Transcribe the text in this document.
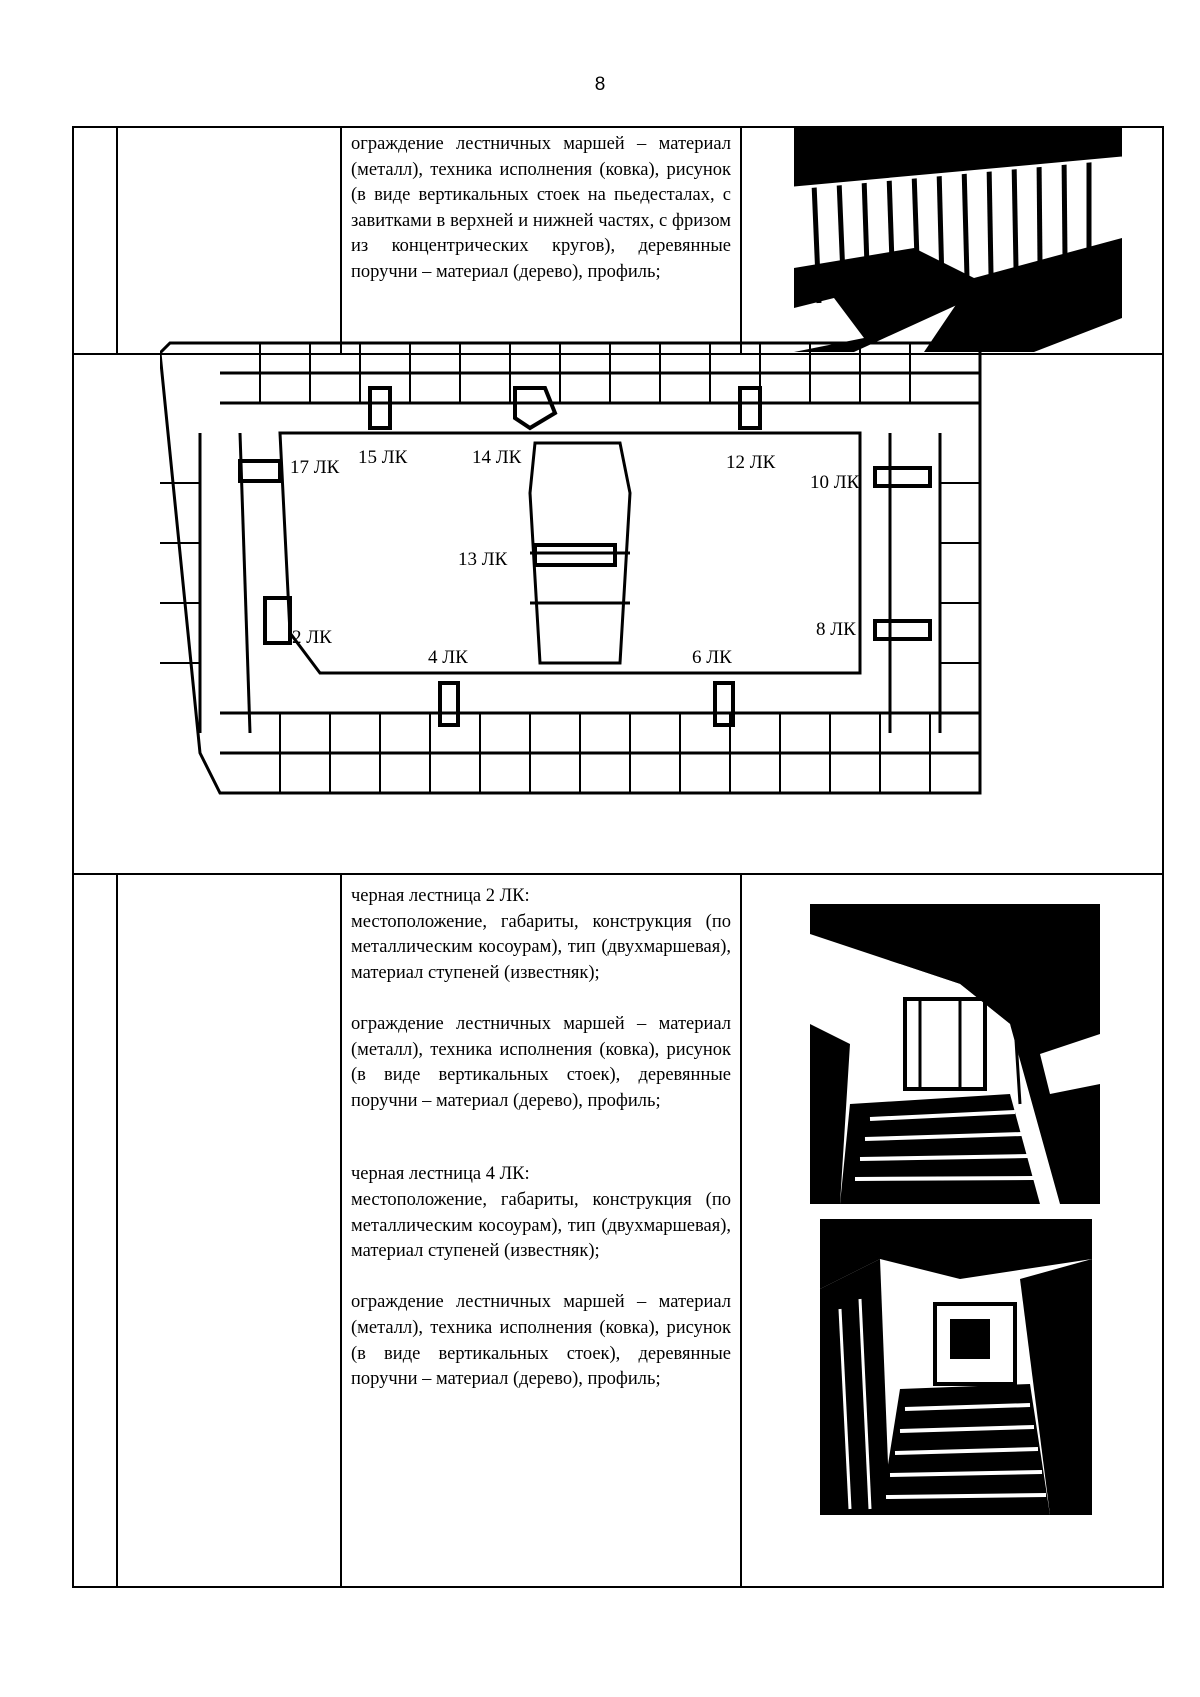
8

ограждение лестничных маршей – материал (металл), техника исполнения (ковка), рисунок (в виде вертикальных стоек на пьедесталах, с завитками в верхней и нижней частях, с фризом из концентрических кругов), деревянные поручни – материал (дерево), профиль;

черная лестница 2 ЛК:

местоположение, габариты, конструкция (по металлическим косоурам), тип (двухмаршевая), материал ступеней (известняк);

ограждение лестничных маршей – материал (металл), техника исполнения (ковка), рисунок (в виде вертикальных стоек), деревянные поручни – материал (дерево), профиль;

черная лестница 4 ЛК:

местоположение, габариты, конструкция (по металлическим косоурам), тип (двухмаршевая), материал ступеней (известняк);

ограждение лестничных маршей – материал (металл), техника исполнения (ковка), рисунок (в виде вертикальных стоек), деревянные поручни – материал (дерево), профиль;

17 ЛК 15 ЛК	14 ЛК	12 ЛК
10 ЛК
13 ЛК
8 ЛК
2 ЛК
4 ЛК	6 ЛК
